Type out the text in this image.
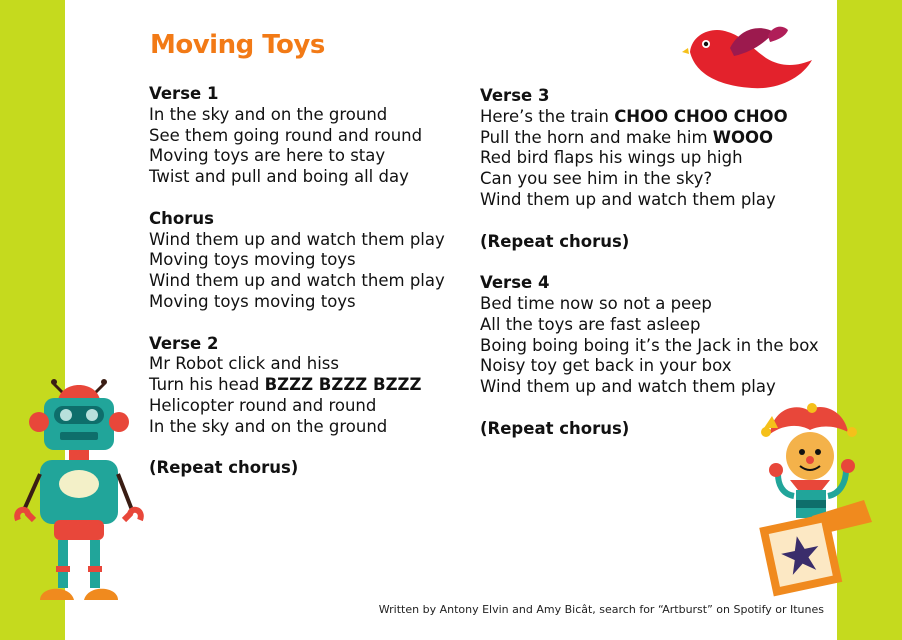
Moving Toys
Verse 1
In the sky and on the ground
See them going round and round
Moving toys are here to stay
Twist and pull and boing all day
Chorus
Wind them up and watch them play
Moving toys moving toys
Wind them up and watch them play
Moving toys moving toys
Verse 2
Mr Robot click and hiss
Turn his head BZZZ BZZZ BZZZ
Helicopter round and round
In the sky and on the ground
(Repeat chorus)
Verse 3
Here’s the train CHOO CHOO CHOO
Pull the horn and make him WOOO
Red bird flaps his wings up high
Can you see him in the sky?
Wind them up and watch them play
(Repeat chorus)
Verse 4
Bed time now so not a peep
All the toys are fast asleep
Boing boing boing it’s the Jack in the box
Noisy toy get back in your box
Wind them up and watch them play
(Repeat chorus)
Written by Antony Elvin and Amy Bicât, search for “Artburst” on Spotify or Itunes
